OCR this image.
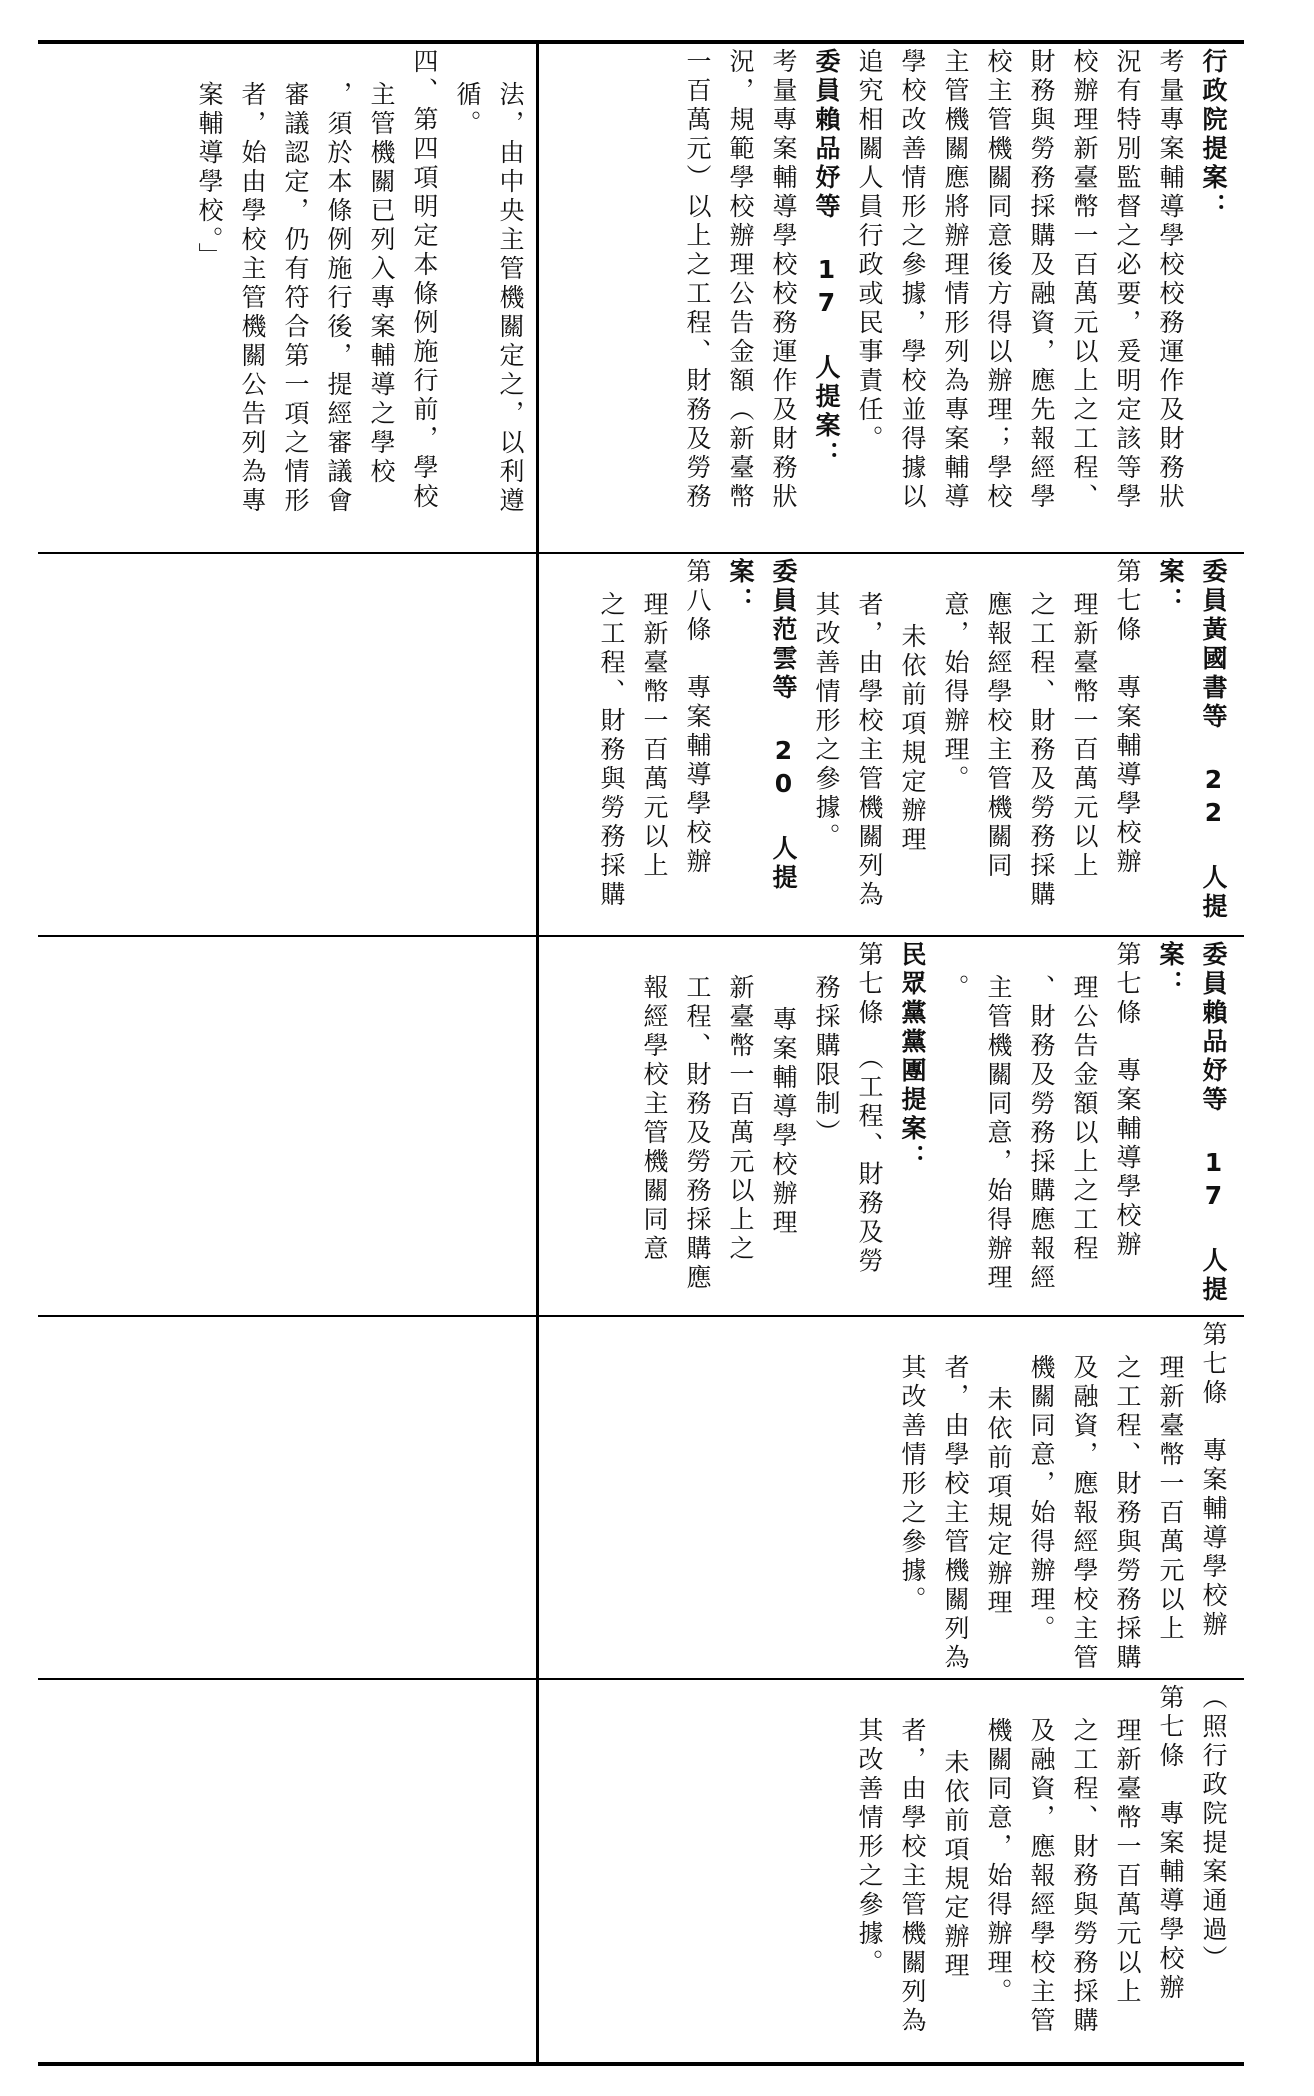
行政院提案：

考量專案輔導學校校務運作及財務狀

況有特別監督之必要，爰明定該等學

校辦理新臺幣一百萬元以上之工程、

財務與勞務採購及融資，應先報經學

校主管機關同意後方得以辦理；學校

主管機關應將辦理情形列為專案輔導

學校改善情形之參據，學校並得據以

追究相關人員行政或民事責任。

委員賴品妤等 17 人提案：

考量專案輔導學校校務運作及財務狀

況，規範學校辦理公告金額（新臺幣

一百萬元）以上之工程、財務及勞務

委員黃國書等 22 人提案：

第七條　專案輔導學校辦

理新臺幣一百萬元以上

之工程、財務及勞務採購

應報經學校主管機關同

意，始得辦理。

未依前項規定辦理

者，由學校主管機關列為

其改善情形之參據。

委員范雲等 20 人提案：

第八條　專案輔導學校辦

理新臺幣一百萬元以上

之工程、財務與勞務採購

委員賴品妤等 17 人提案：

第七條　專案輔導學校辦

理公告金額以上之工程

、財務及勞務採購應報經

主管機關同意，始得辦理

。

民眾黨黨團提案：

第七條　（工程、財務及勞

務採購限制）

專案輔導學校辦理

新臺幣一百萬元以上之

工程、財務及勞務採購應

報經學校主管機關同意

第七條　專案輔導學校辦

理新臺幣一百萬元以上

之工程、財務與勞務採購

及融資，應報經學校主管

機關同意，始得辦理。

未依前項規定辦理

者，由學校主管機關列為

其改善情形之參據。

（照行政院提案通過）

第七條　專案輔導學校辦

理新臺幣一百萬元以上

之工程、財務與勞務採購

及融資，應報經學校主管

機關同意，始得辦理。

未依前項規定辦理

者，由學校主管機關列為

其改善情形之參據。

法，由中央主管機關定之，以利遵

循。

四、第四項明定本條例施行前，學校

主管機關已列入專案輔導之學校

，須於本條例施行後，提經審議會

審議認定，仍有符合第一項之情形

者，始由學校主管機關公告列為專

案輔導學校。」
